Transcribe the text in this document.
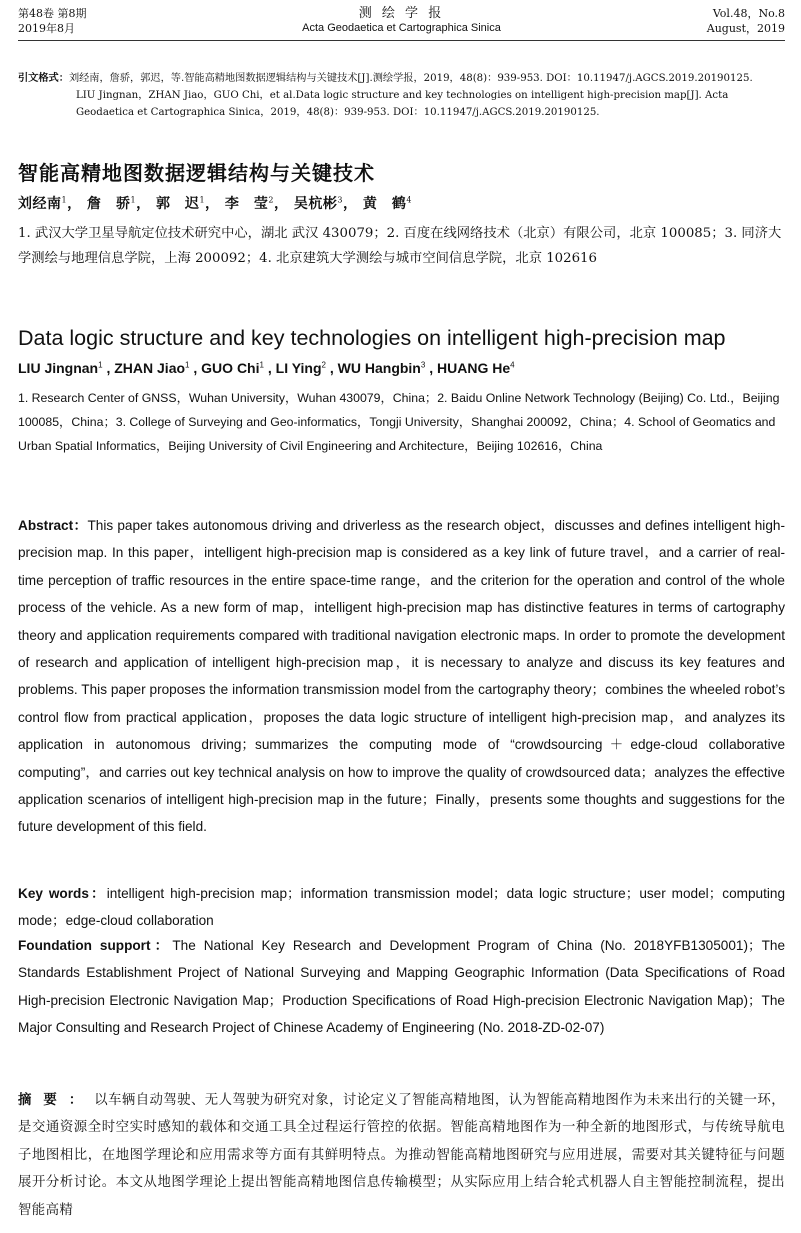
第48卷 第8期
2019年8月
测 绘 学 报
Acta Geodaetica et Cartographica Sinica
Vol.48，No.8
August，2019
引文格式：刘经南，詹骄，郭迟，等.智能高精地图数据逻辑结构与关键技术[J].测绘学报，2019，48(8)：939-953. DOI：10.11947/j.AGCS.2019.20190125.
LIU Jingnan，ZHAN Jiao，GUO Chi，et al.Data logic structure and key technologies on intelligent high-precision map[J]. Acta Geodaetica et Cartographica Sinica，2019，48(8)：939-953. DOI：10.11947/j.AGCS.2019.20190125.
智能高精地图数据逻辑结构与关键技术
刘经南$^1$， 詹　骄$^1$， 郭　迟$^1$， 李　莹$^2$， 吴杭彬$^3$， 黄　鹤$^4$
1. 武汉大学卫星导航定位技术研究中心，湖北 武汉 430079；2. 百度在线网络技术（北京）有限公司，北京 100085；3. 同济大学测绘与地理信息学院，上海 200092；4. 北京建筑大学测绘与城市空间信息学院，北京 102616
Data logic structure and key technologies on intelligent high-precision map
LIU Jingnan$^1$ , ZHAN Jiao$^1$ , GUO Chi$^1$ , LI Ying$^2$ , WU Hangbin$^3$ , HUANG He$^4$
1. Research Center of GNSS，Wuhan University，Wuhan 430079，China；2. Baidu Online Network Technology (Beijing) Co. Ltd.，Beijing 100085，China；3. College of Surveying and Geo-informatics，Tongji University，Shanghai 200092，China；4. School of Geomatics and Urban Spatial Informatics，Beijing University of Civil Engineering and Architecture，Beijing 102616，China
Abstract：This paper takes autonomous driving and driverless as the research object，discusses and defines intelligent high-precision map. In this paper，intelligent high-precision map is considered as a key link of future travel，and a carrier of real-time perception of traffic resources in the entire space-time range，and the criterion for the operation and control of the whole process of the vehicle. As a new form of map，intelligent high-precision map has distinctive features in terms of cartography theory and application requirements compared with traditional navigation electronic maps. In order to promote the development of research and application of intelligent high-precision map，it is necessary to analyze and discuss its key features and problems. This paper proposes the information transmission model from the cartography theory；combines the wheeled robot’s control flow from practical application，proposes the data logic structure of intelligent high-precision map，and analyzes its application in autonomous driving；summarizes the computing mode of “crowdsourcing＋edge-cloud collaborative computing”，and carries out key technical analysis on how to improve the quality of crowdsourced data；analyzes the effective application scenarios of intelligent high-precision map in the future；Finally，presents some thoughts and suggestions for the future development of this field.
Key words：intelligent high-precision map；information transmission model；data logic structure；user model；computing mode；edge-cloud collaboration
Foundation support：The National Key Research and Development Program of China (No. 2018YFB1305001)；The Standards Establishment Project of National Surveying and Mapping Geographic Information (Data Specifications of Road High-precision Electronic Navigation Map；Production Specifications of Road High-precision Electronic Navigation Map)；The Major Consulting and Research Project of Chinese Academy of Engineering (No. 2018-ZD-02-07)
摘要：以车辆自动驾驶、无人驾驶为研究对象，讨论定义了智能高精地图，认为智能高精地图作为未来出行的关键一环，是交通资源全时空实时感知的载体和交通工具全过程运行管控的依据。智能高精地图作为一种全新的地图形式，与传统导航电子地图相比，在地图学理论和应用需求等方面有其鲜明特点。为推动智能高精地图研究与应用进展，需要对其关键特征与问题展开分析讨论。本文从地图学理论上提出智能高精地图信息传输模型；从实际应用上结合轮式机器人自主智能控制流程，提出智能高精
